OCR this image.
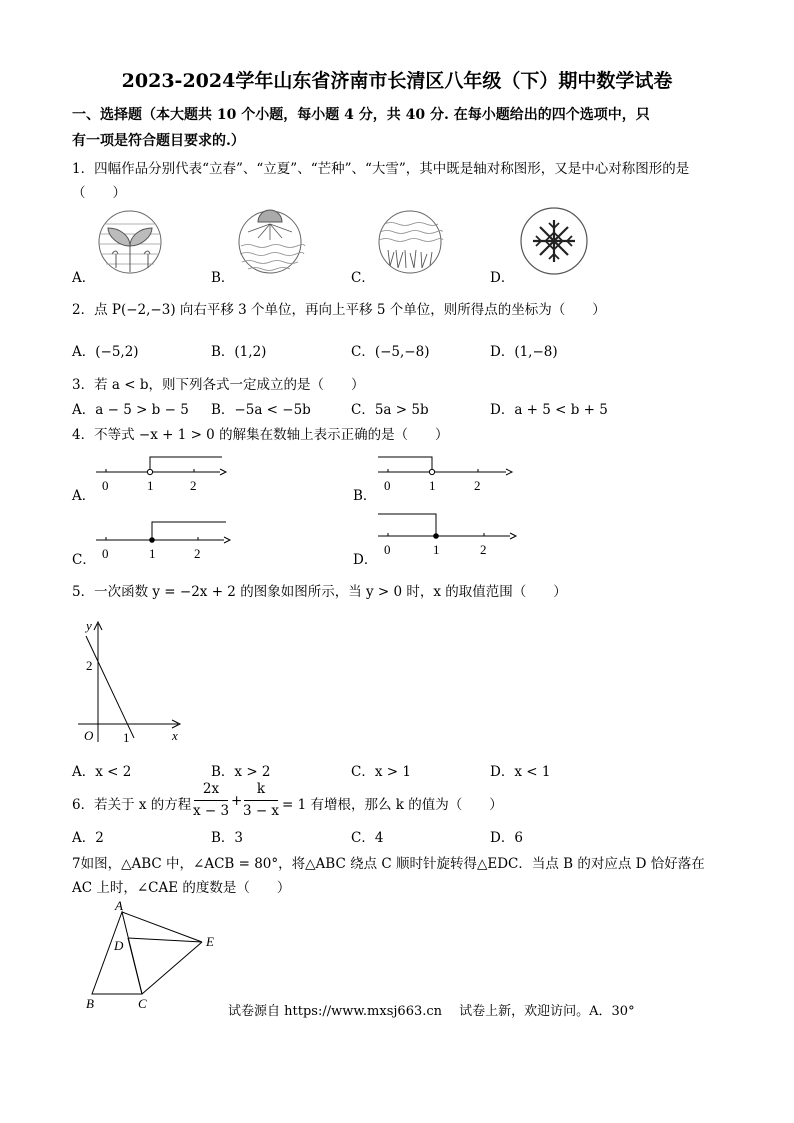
2023-2024学年山东省济南市长清区八年级（下）期中数学试卷
一、选择题（本大题共 10 个小题，每小题 4 分，共 40 分. 在每小题给出的四个选项中，只
有一项是符合题目要求的.）
1．四幅作品分别代表“立春”、“立夏”、“芒种”、“大雪”，其中既是轴对称图形，又是中心对称图形的是
（　　）
A．	B．	C．	D．
2．点 P(−2,−3) 向右平移 3 个单位，再向上平移 5 个单位，则所得点的坐标为（　　）
A．(−5,2)	B．(1,2)	C．(−5,−8)	D．(1,−8)
3．若 a < b，则下列各式一定成立的是（　　）
A．a − 5 > b − 5 B．−5a < −5b	C．5a > 5b	D．a + 5 < b + 5
4．不等式 −x + 1 > 0 的解集在数轴上表示正确的是（　　）
A．
0	1	2
B．
0	1	2
C． 0	1	2	D．
0	1	2
5．一次函数 y = −2x + 2 的图象如图所示，当 y > 0 时，x 的取值范围（　　）
y
x
O
2
1
A．x < 2	B．x > 2	C．x > 1	D．x < 1
6．若关于 x 的方程
2x
x − 3
+
k
3 − x = 1 有增根，那么 k 的值为（　　）
A．2	B．3	C．4	D．6
7如图，△ABC 中，∠ACB = 80°，将△ABC 绕点 C 顺时针旋转得△EDC．当点 B 的对应点 D 恰好落在
AC 上时，∠CAE 的度数是（　　）
A
D	E
B	C
试卷源自 https://www.mxsj663.cn　 试卷上新，欢迎访问。A．30°
